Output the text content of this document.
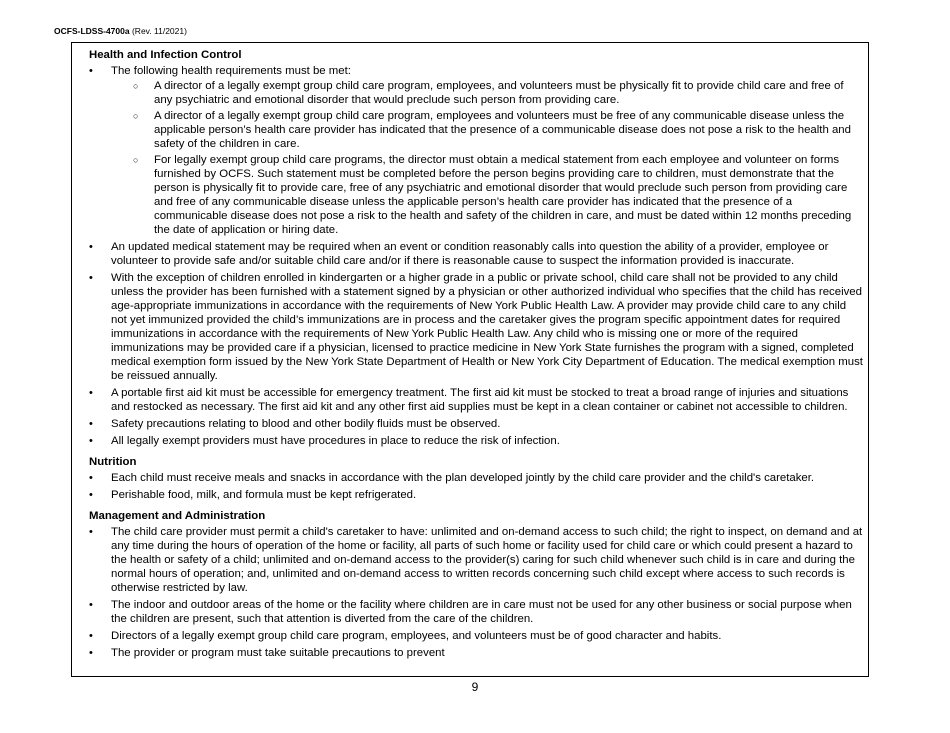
OCFS-LDSS-4700a (Rev. 11/2021)
Health and Infection Control
• The following health requirements must be met:
○ A director of a legally exempt group child care program, employees, and volunteers must be physically fit to provide child care and free of any psychiatric and emotional disorder that would preclude such person from providing care.
○ A director of a legally exempt group child care program, employees and volunteers must be free of any communicable disease unless the applicable person’s health care provider has indicated that the presence of a communicable disease does not pose a risk to the health and safety of the children in care.
○ For legally exempt group child care programs, the director must obtain a medical statement from each employee and volunteer on forms furnished by OCFS. Such statement must be completed before the person begins providing care to children, must demonstrate that the person is physically fit to provide care, free of any psychiatric and emotional disorder that would preclude such person from providing care and free of any communicable disease unless the applicable person’s health care provider has indicated that the presence of a communicable disease does not pose a risk to the health and safety of the children in care, and must be dated within 12 months preceding the date of application or hiring date.
• An updated medical statement may be required when an event or condition reasonably calls into question the ability of a provider, employee or volunteer to provide safe and/or suitable child care and/or if there is reasonable cause to suspect the information provided is inaccurate.
• With the exception of children enrolled in kindergarten or a higher grade in a public or private school, child care shall not be provided to any child unless the provider has been furnished with a statement signed by a physician or other authorized individual who specifies that the child has received age-appropriate immunizations in accordance with the requirements of New York Public Health Law. A provider may provide child care to any child not yet immunized provided the child’s immunizations are in process and the caretaker gives the program specific appointment dates for required immunizations in accordance with the requirements of New York Public Health Law. Any child who is missing one or more of the required immunizations may be provided care if a physician, licensed to practice medicine in New York State furnishes the program with a signed, completed medical exemption form issued by the New York State Department of Health or New York City Department of Education. The medical exemption must be reissued annually.
• A portable first aid kit must be accessible for emergency treatment. The first aid kit must be stocked to treat a broad range of injuries and situations and restocked as necessary. The first aid kit and any other first aid supplies must be kept in a clean container or cabinet not accessible to children.
• Safety precautions relating to blood and other bodily fluids must be observed.
• All legally exempt providers must have procedures in place to reduce the risk of infection.
Nutrition
• Each child must receive meals and snacks in accordance with the plan developed jointly by the child care provider and the child's caretaker.
• Perishable food, milk, and formula must be kept refrigerated.
Management and Administration
• The child care provider must permit a child's caretaker to have: unlimited and on-demand access to such child; the right to inspect, on demand and at any time during the hours of operation of the home or facility, all parts of such home or facility used for child care or which could present a hazard to the health or safety of a child; unlimited and on-demand access to the provider(s) caring for such child whenever such child is in care and during the normal hours of operation; and, unlimited and on-demand access to written records concerning such child except where access to such records is otherwise restricted by law.
• The indoor and outdoor areas of the home or the facility where children are in care must not be used for any other business or social purpose when the children are present, such that attention is diverted from the care of the children.
• Directors of a legally exempt group child care program, employees, and volunteers must be of good character and habits.
• The provider or program must take suitable precautions to prevent
9
